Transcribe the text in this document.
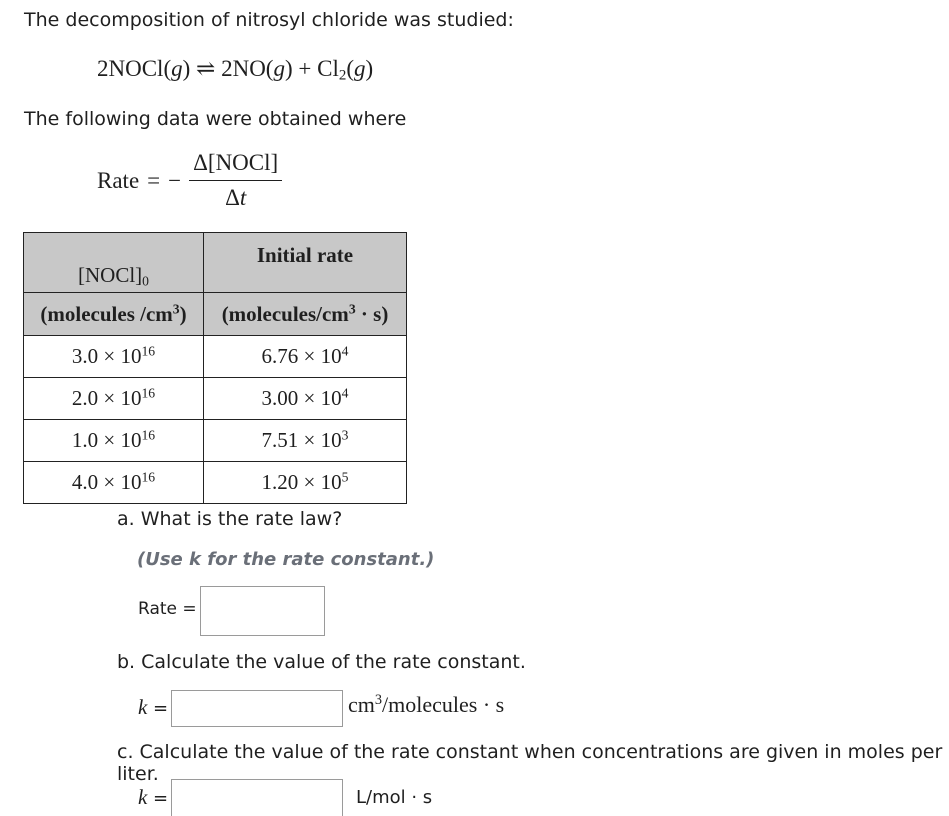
The decomposition of nitrosyl chloride was studied:
2NOCl(g) ⇌ $2NO(g) + Cl_2(g)$
The following data were obtained where
Rate = − $\frac{\text{Δ[NOCl]}}{\Delta t}$
$[NOCl]_0$	Initial rate
(molecules $/cm^3$)	$(molecules/cm^3 \cdot s)$
$3.0 \times 10^{16}$	$6.76 \times 10^4$
$2.0 \times 10^{16}$	$3.00 \times 10^4$
$1.0 \times 10^{16}$	$7.51 \times 10^3$
$4.0 \times 10^{16}$	$1.20 \times 10^5$
a. What is the rate law?
(Use k for the rate constant.)
Rate =
b. Calculate the value of the rate constant.
k =	$cm^3$/molecules · s
c. Calculate the value of the rate constant when concentrations are given in moles per liter.
k =	L/mol · s
